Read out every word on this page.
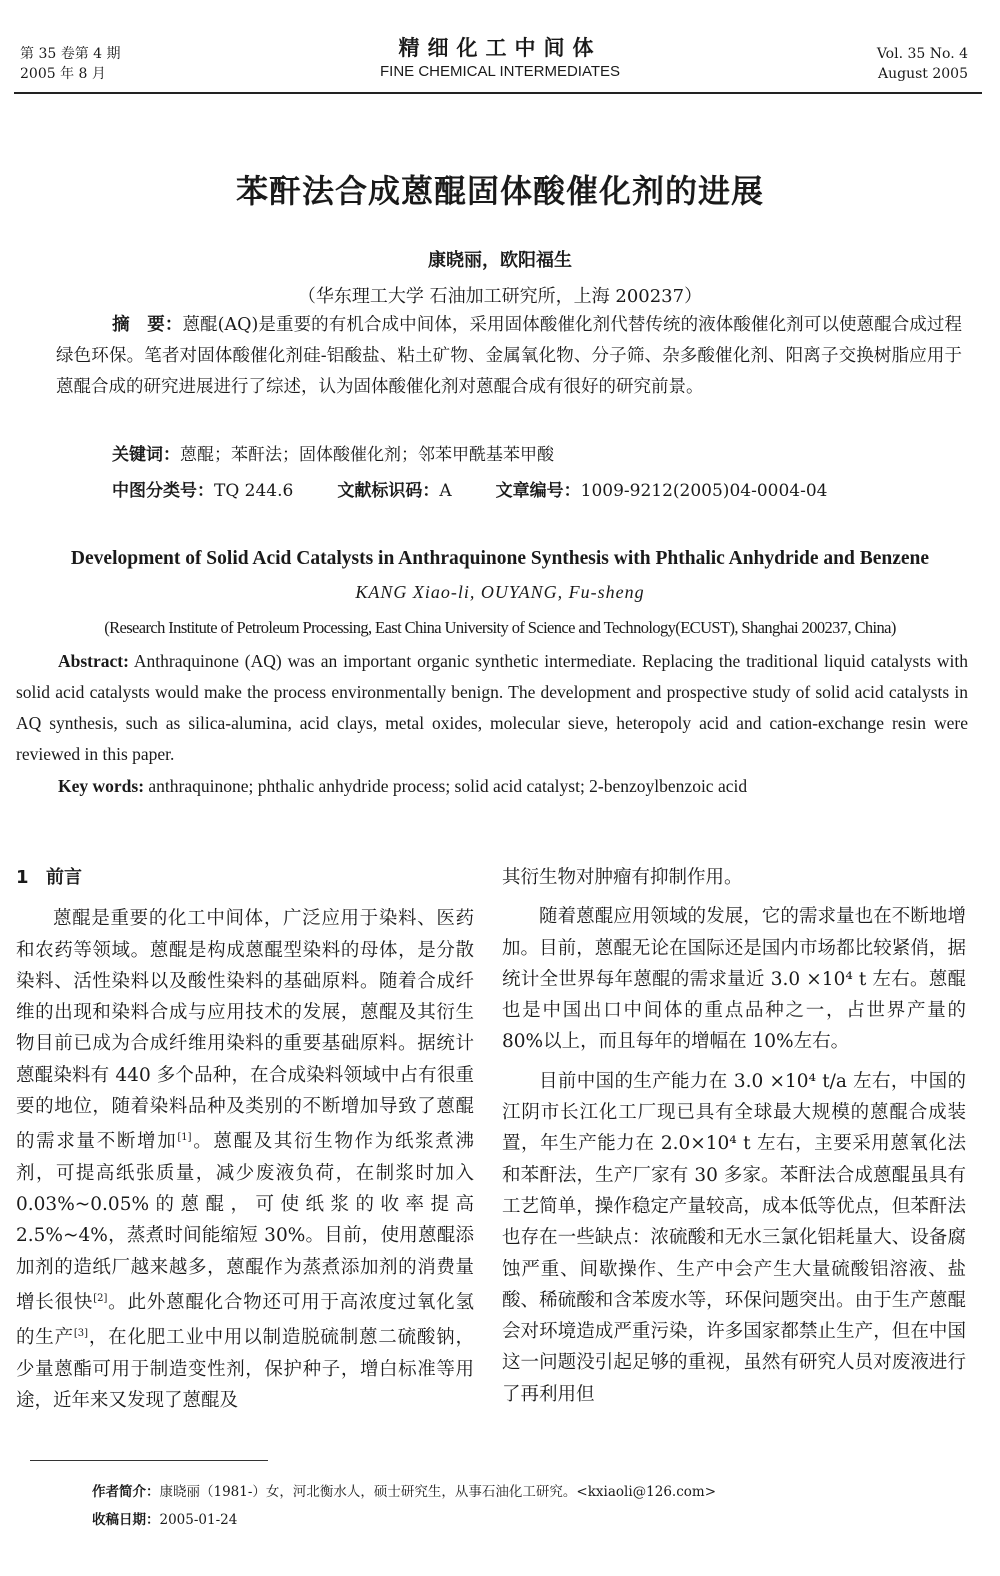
第 35 卷第 4 期
2005 年 8 月
精细化工中间体
FINE CHEMICAL INTERMEDIATES
Vol. 35 No. 4
August 2005
苯酐法合成蒽醌固体酸催化剂的进展
康晓丽，欧阳福生
（华东理工大学 石油加工研究所，上海 200237）
摘　要：蒽醌(AQ)是重要的有机合成中间体，采用固体酸催化剂代替传统的液体酸催化剂可以使蒽醌合成过程绿色环保。笔者对固体酸催化剂硅-铝酸盐、粘土矿物、金属氧化物、分子筛、杂多酸催化剂、阳离子交换树脂应用于蒽醌合成的研究进展进行了综述，认为固体酸催化剂对蒽醌合成有很好的研究前景。
关键词：蒽醌；苯酐法；固体酸催化剂；邻苯甲酰基苯甲酸
中图分类号：TQ 244.6	文献标识码：A	文章编号：1009-9212(2005)04-0004-04
Development of Solid Acid Catalysts in Anthraquinone Synthesis with Phthalic Anhydride and Benzene
KANG Xiao-li, OUYANG, Fu-sheng
(Research Institute of Petroleum Processing, East China University of Science and Technology(ECUST), Shanghai 200237, China)
Abstract: Anthraquinone (AQ) was an important organic synthetic intermediate. Replacing the traditional liquid catalysts with solid acid catalysts would make the process environmentally benign. The development and prospective study of solid acid catalysts in AQ synthesis, such as silica-alumina, acid clays, metal oxides, molecular sieve, heteropoly acid and cation-exchange resin were reviewed in this paper.
Key words: anthraquinone; phthalic anhydride process; solid acid catalyst; 2-benzoylbenzoic acid

1 前言

蒽醌是重要的化工中间体，广泛应用于染料、医药和农药等领域。蒽醌是构成蒽醌型染料的母体，是分散染料、活性染料以及酸性染料的基础原料。随着合成纤维的出现和染料合成与应用技术的发展，蒽醌及其衍生物目前已成为合成纤维用染料的重要基础原料。据统计蒽醌染料有 440 多个品种，在合成染料领域中占有很重要的地位，随着染料品种及类别的不断增加导致了蒽醌的需求量不断增加[1]。蒽醌及其衍生物作为纸浆煮沸剂，可提高纸张质量，减少废液负荷，在制浆时加入 0.03%~0.05%的蒽醌，可使纸浆的收率提高 2.5%~4%，蒸煮时间能缩短 30%。目前，使用蒽醌添加剂的造纸厂越来越多，蒽醌作为蒸煮添加剂的消费量增长很快[2]。此外蒽醌化合物还可用于高浓度过氧化氢的生产[3]，在化肥工业中用以制造脱硫制蒽二硫酸钠，少量蒽酯可用于制造变性剂，保护种子，增白标准等用途，近年来又发现了蒽醌及

其衍生物对肿瘤有抑制作用。

随着蒽醌应用领域的发展，它的需求量也在不断地增加。目前，蒽醌无论在国际还是国内市场都比较紧俏，据统计全世界每年蒽醌的需求量近 3.0 ×10⁴ t 左右。蒽醌也是中国出口中间体的重点品种之一，占世界产量的 80%以上，而且每年的增幅在 10%左右。

目前中国的生产能力在 3.0 ×10⁴ t/a 左右，中国的江阴市长江化工厂现已具有全球最大规模的蒽醌合成装置，年生产能力在 2.0×10⁴ t 左右，主要采用蒽氧化法和苯酐法，生产厂家有 30 多家。苯酐法合成蒽醌虽具有工艺简单，操作稳定产量较高，成本低等优点，但苯酐法也存在一些缺点：浓硫酸和无水三氯化铝耗量大、设备腐蚀严重、间歇操作、生产中会产生大量硫酸铝溶液、盐酸、稀硫酸和含苯废水等，环保问题突出。由于生产蒽醌会对环境造成严重污染，许多国家都禁止生产，但在中国这一问题没引起足够的重视，虽然有研究人员对废液进行了再利用但

作者简介：康晓丽（1981-）女，河北衡水人，硕士研究生，从事石油化工研究。<kxiaoli@126.com>
收稿日期：2005-01-24
